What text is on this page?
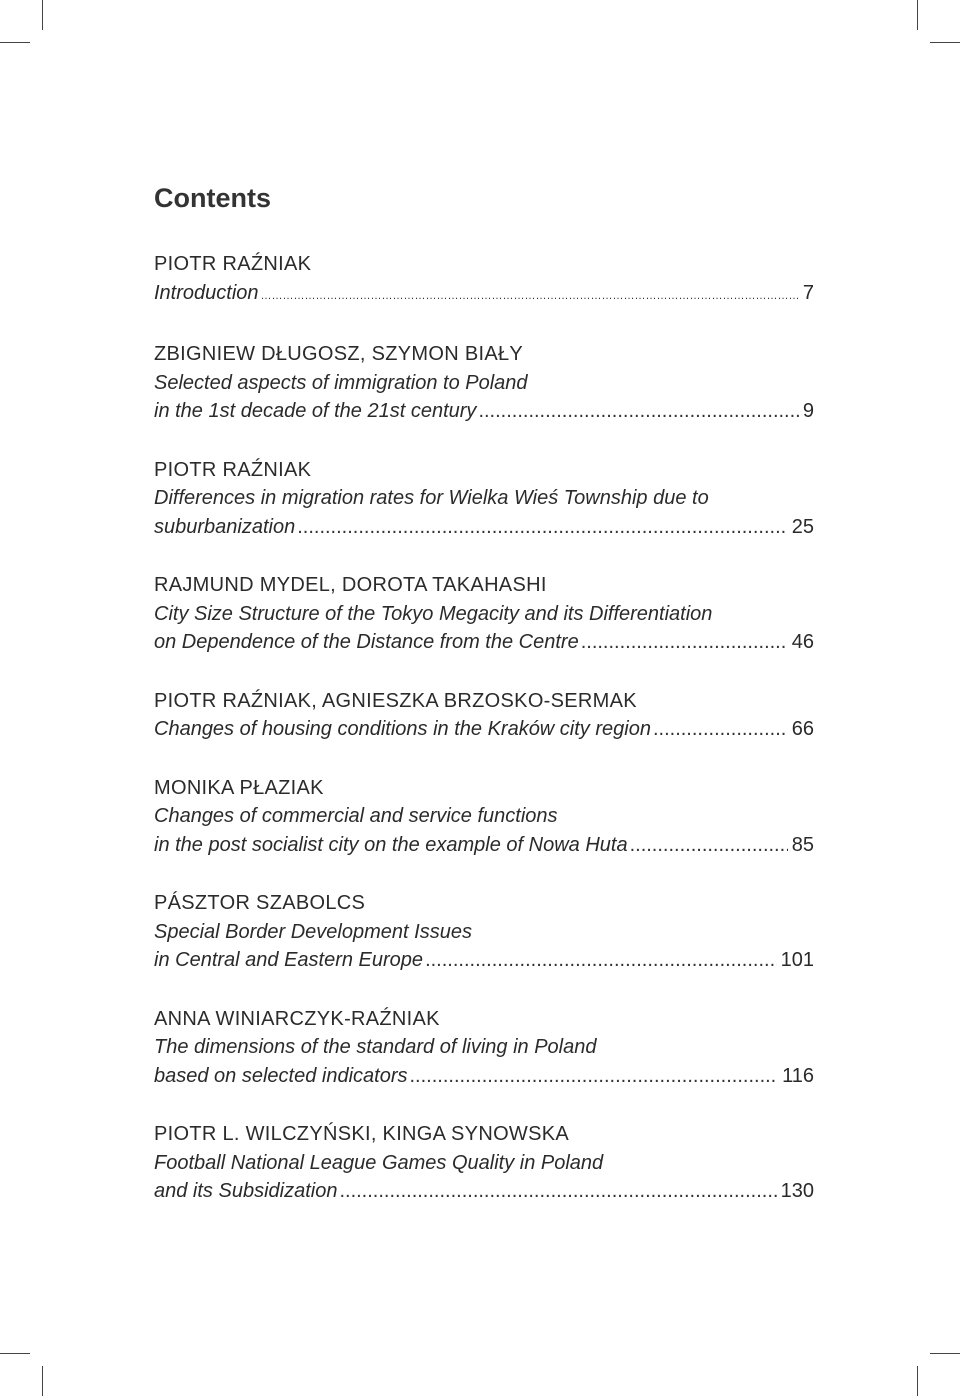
Contents
PIOTR RAŹNIAK
Introduction ………………………………………………………………………………………………………………………………………………………………	7
ZBIGNIEW DŁUGOSZ, SZYMON BIAŁY
Selected aspects of immigration to Poland
in the 1st decade of the 21st century .....	9
PIOTR RAŹNIAK
Differences in migration rates for Wielka Wieś Township due to
suburbanization .....	25
RAJMUND MYDEL, DOROTA TAKAHASHI
City Size Structure of the Tokyo Megacity and its Differentiation
on Dependence of the Distance from the Centre .....	46
PIOTR RAŹNIAK, AGNIESZKA BRZOSKO-SERMAK
Changes of housing conditions in the Kraków city region .....	66
MONIKA PŁAZIAK
Changes of commercial and service functions
in the post socialist city on the example of Nowa Huta .....	85
PÁSZTOR SZABOLCS
Special Border Development Issues
in Central and Eastern Europe .....	101
ANNA WINIARCZYK-RAŹNIAK
The dimensions of the standard of living in Poland
based on selected indicators .....	116
PIOTR L. WILCZYŃSKI, KINGA SYNOWSKA
Football National League Games Quality in Poland
and its Subsidization .....	130
